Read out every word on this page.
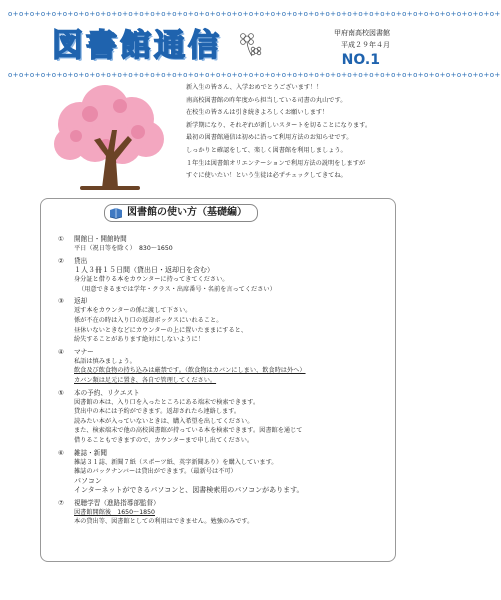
o+o+o+o+o+o+o+o+o+o+o+o+o+o+o+o+o+o+o+o+o+o+o+o+o+o+o+o+o+o+o+o+o+o+o+o+o+o+o+o+o+o+o+o+o+
o+o+o+o+o+o+o+o+o+o+o+o+o+o+o+o+o+o+o+o+o+o+o+o+o+o+o+o+o+o+o+o+o+o+o+o+o+o+o+o+o+o+o+o+o+
図書館通信	甲府南高校図書館
平成２９年４月
NO.1

新入生の皆さん、入学おめでとうございます！！

南高校図書館の昨年度から担当している司書の丸山です。

在校生の皆さんは引き続きよろしくお願いします！

新学期になり、それぞれが新しいスタートを切ることになります。

最初の図書館通信は初めに沿って利用方法のお知らせです。

しっかりと確認をして、楽しく図書館を利用しましょう。

１年生は図書館オリエンテーションで利用方法の説明をしますが

すぐに使いたい！という生徒は必ずチェックしてきてね。

図書館の使い方（基礎編）
① 開館日・開館時間
平日（祝日等を除く）　830～1650
② 貸出
１人３冊１５日間（貸出日・返却日を含む）
身分証と借りる本をカウンターに持ってきてください。
（用意できるまでは学年・クラス・出席番号・名前を言ってください）
③ 返却
返す本をカウンターの係に渡して下さい。
係が不在の時は入り口の返却ボックスにいれること。
昼休いないときなどにカウンターの上に置いたままにすると、
紛失することがあります絶対にしないように！
④ マナー
私語は慎みましょう。
飲食及び飲食物の持ち込みは厳禁です。（飲食物はカバンにしまい、飲食時は外へ）
カバン類は足元に置き、各自で管理してください。
⑤ 本の予約、リクエスト
図書館の本は、入り口を入ったところにある端末で検索できます。
貸出中の本には予約ができます。返却されたら連絡します。
読みたい本が入っていないときは、購入希望を出してください。
また、検索端末で他の高校図書館が持っている本を検索できます。図書館を通じて
借りることもできますので、カウンターまで申し出てください。
⑥ 雑誌・新聞
雑誌３１誌、新聞７紙（スポーツ紙、英字新聞あり）を購入しています。
雑誌のバックナンバーは貸出ができます。（最新号は不可）
パソコン
インターネットができるパソコンと、図書検索用のパソコンがあります。
⑦ 視聴学習（進路指導部監督）
図書館開館後　1650～1850
本の貸出等、図書館としての利用はできません。勉強のみです。
